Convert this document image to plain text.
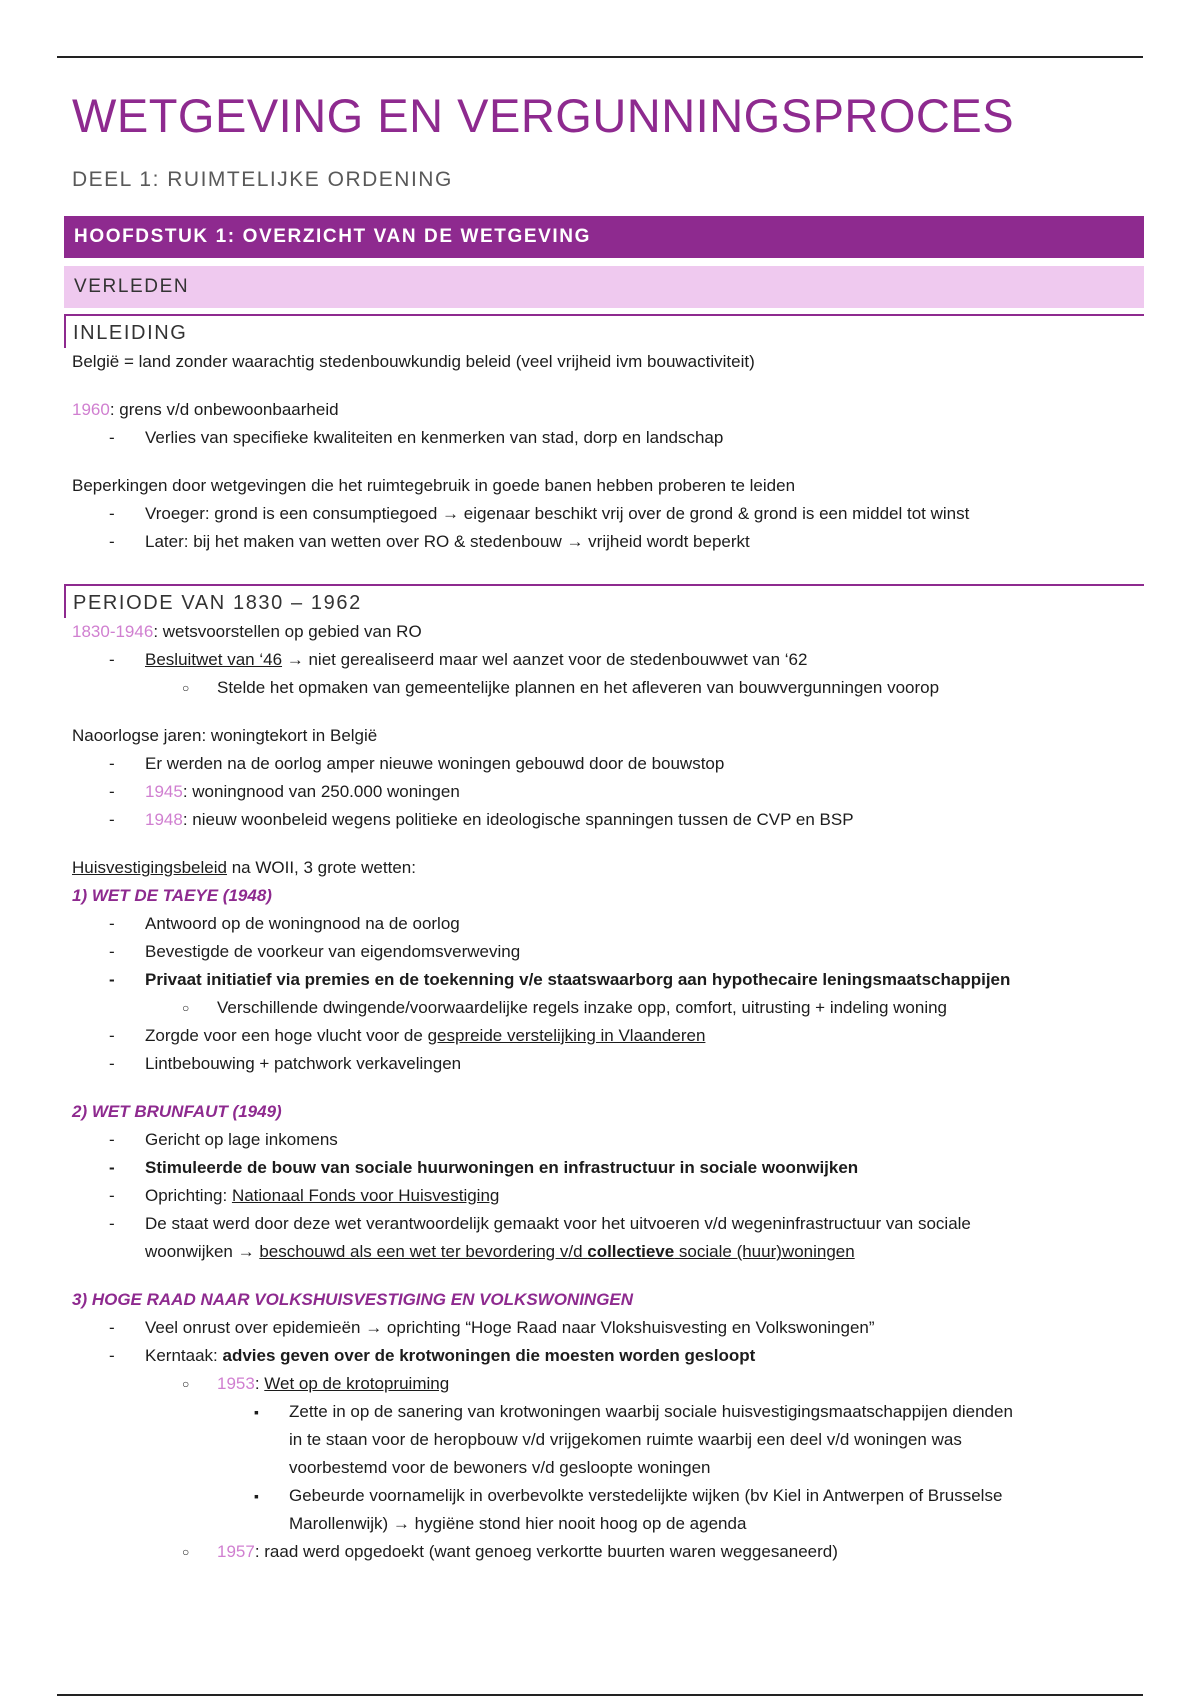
WETGEVING EN VERGUNNINGSPROCES
DEEL 1: RUIMTELIJKE ORDENING
HOOFDSTUK 1: OVERZICHT VAN DE WETGEVING
VERLEDEN
INLEIDING
België = land zonder waarachtig stedenbouwkundig beleid (veel vrijheid ivm bouwactiviteit)
1960: grens v/d onbewoonbaarheid
- Verlies van specifieke kwaliteiten en kenmerken van stad, dorp en landschap
Beperkingen door wetgevingen die het ruimtegebruik in goede banen hebben proberen te leiden
- Vroeger: grond is een consumptiegoed → eigenaar beschikt vrij over de grond & grond is een middel tot winst
- Later: bij het maken van wetten over RO & stedenbouw → vrijheid wordt beperkt
PERIODE VAN 1830 – 1962
1830-1946: wetsvoorstellen op gebied van RO
- Besluitwet van ‘46 → niet gerealiseerd maar wel aanzet voor de stedenbouwwet van ‘62
○ Stelde het opmaken van gemeentelijke plannen en het afleveren van bouwvergunningen voorop
Naoorlogse jaren: woningtekort in België
- Er werden na de oorlog amper nieuwe woningen gebouwd door de bouwstop
- 1945: woningnood van 250.000 woningen
- 1948: nieuw woonbeleid wegens politieke en ideologische spanningen tussen de CVP en BSP
Huisvestigingsbeleid na WOII, 3 grote wetten:
1) WET DE TAEYE (1948)
- Antwoord op de woningnood na de oorlog
- Bevestigde de voorkeur van eigendomsverweving
- Privaat initiatief via premies en de toekenning v/e staatswaarborg aan hypothecaire leningsmaatschappijen
○ Verschillende dwingende/voorwaardelijke regels inzake opp, comfort, uitrusting + indeling woning
- Zorgde voor een hoge vlucht voor de gespreide verstelijking in Vlaanderen
- Lintbebouwing + patchwork verkavelingen
2) WET BRUNFAUT (1949)
- Gericht op lage inkomens
- Stimuleerde de bouw van sociale huurwoningen en infrastructuur in sociale woonwijken
- Oprichting: Nationaal Fonds voor Huisvestiging
- De staat werd door deze wet verantwoordelijk gemaakt voor het uitvoeren v/d wegeninfrastructuur van sociale
woonwijken → beschouwd als een wet ter bevordering v/d collectieve sociale (huur)woningen
3) HOGE RAAD NAAR VOLKSHUISVESTIGING EN VOLKSWONINGEN
- Veel onrust over epidemieën → oprichting “Hoge Raad naar Vlokshuisvesting en Volkswoningen”
- Kerntaak: advies geven over de krotwoningen die moesten worden gesloopt
○ 1953: Wet op de krotopruiming
▪ Zette in op de sanering van krotwoningen waarbij sociale huisvestigingsmaatschappijen dienden
in te staan voor de heropbouw v/d vrijgekomen ruimte waarbij een deel v/d woningen was
voorbestemd voor de bewoners v/d gesloopte woningen
▪ Gebeurde voornamelijk in overbevolkte verstedelijkte wijken (bv Kiel in Antwerpen of Brusselse
Marollenwijk) → hygiëne stond hier nooit hoog op de agenda
○ 1957: raad werd opgedoekt (want genoeg verkortte buurten waren weggesaneerd)
